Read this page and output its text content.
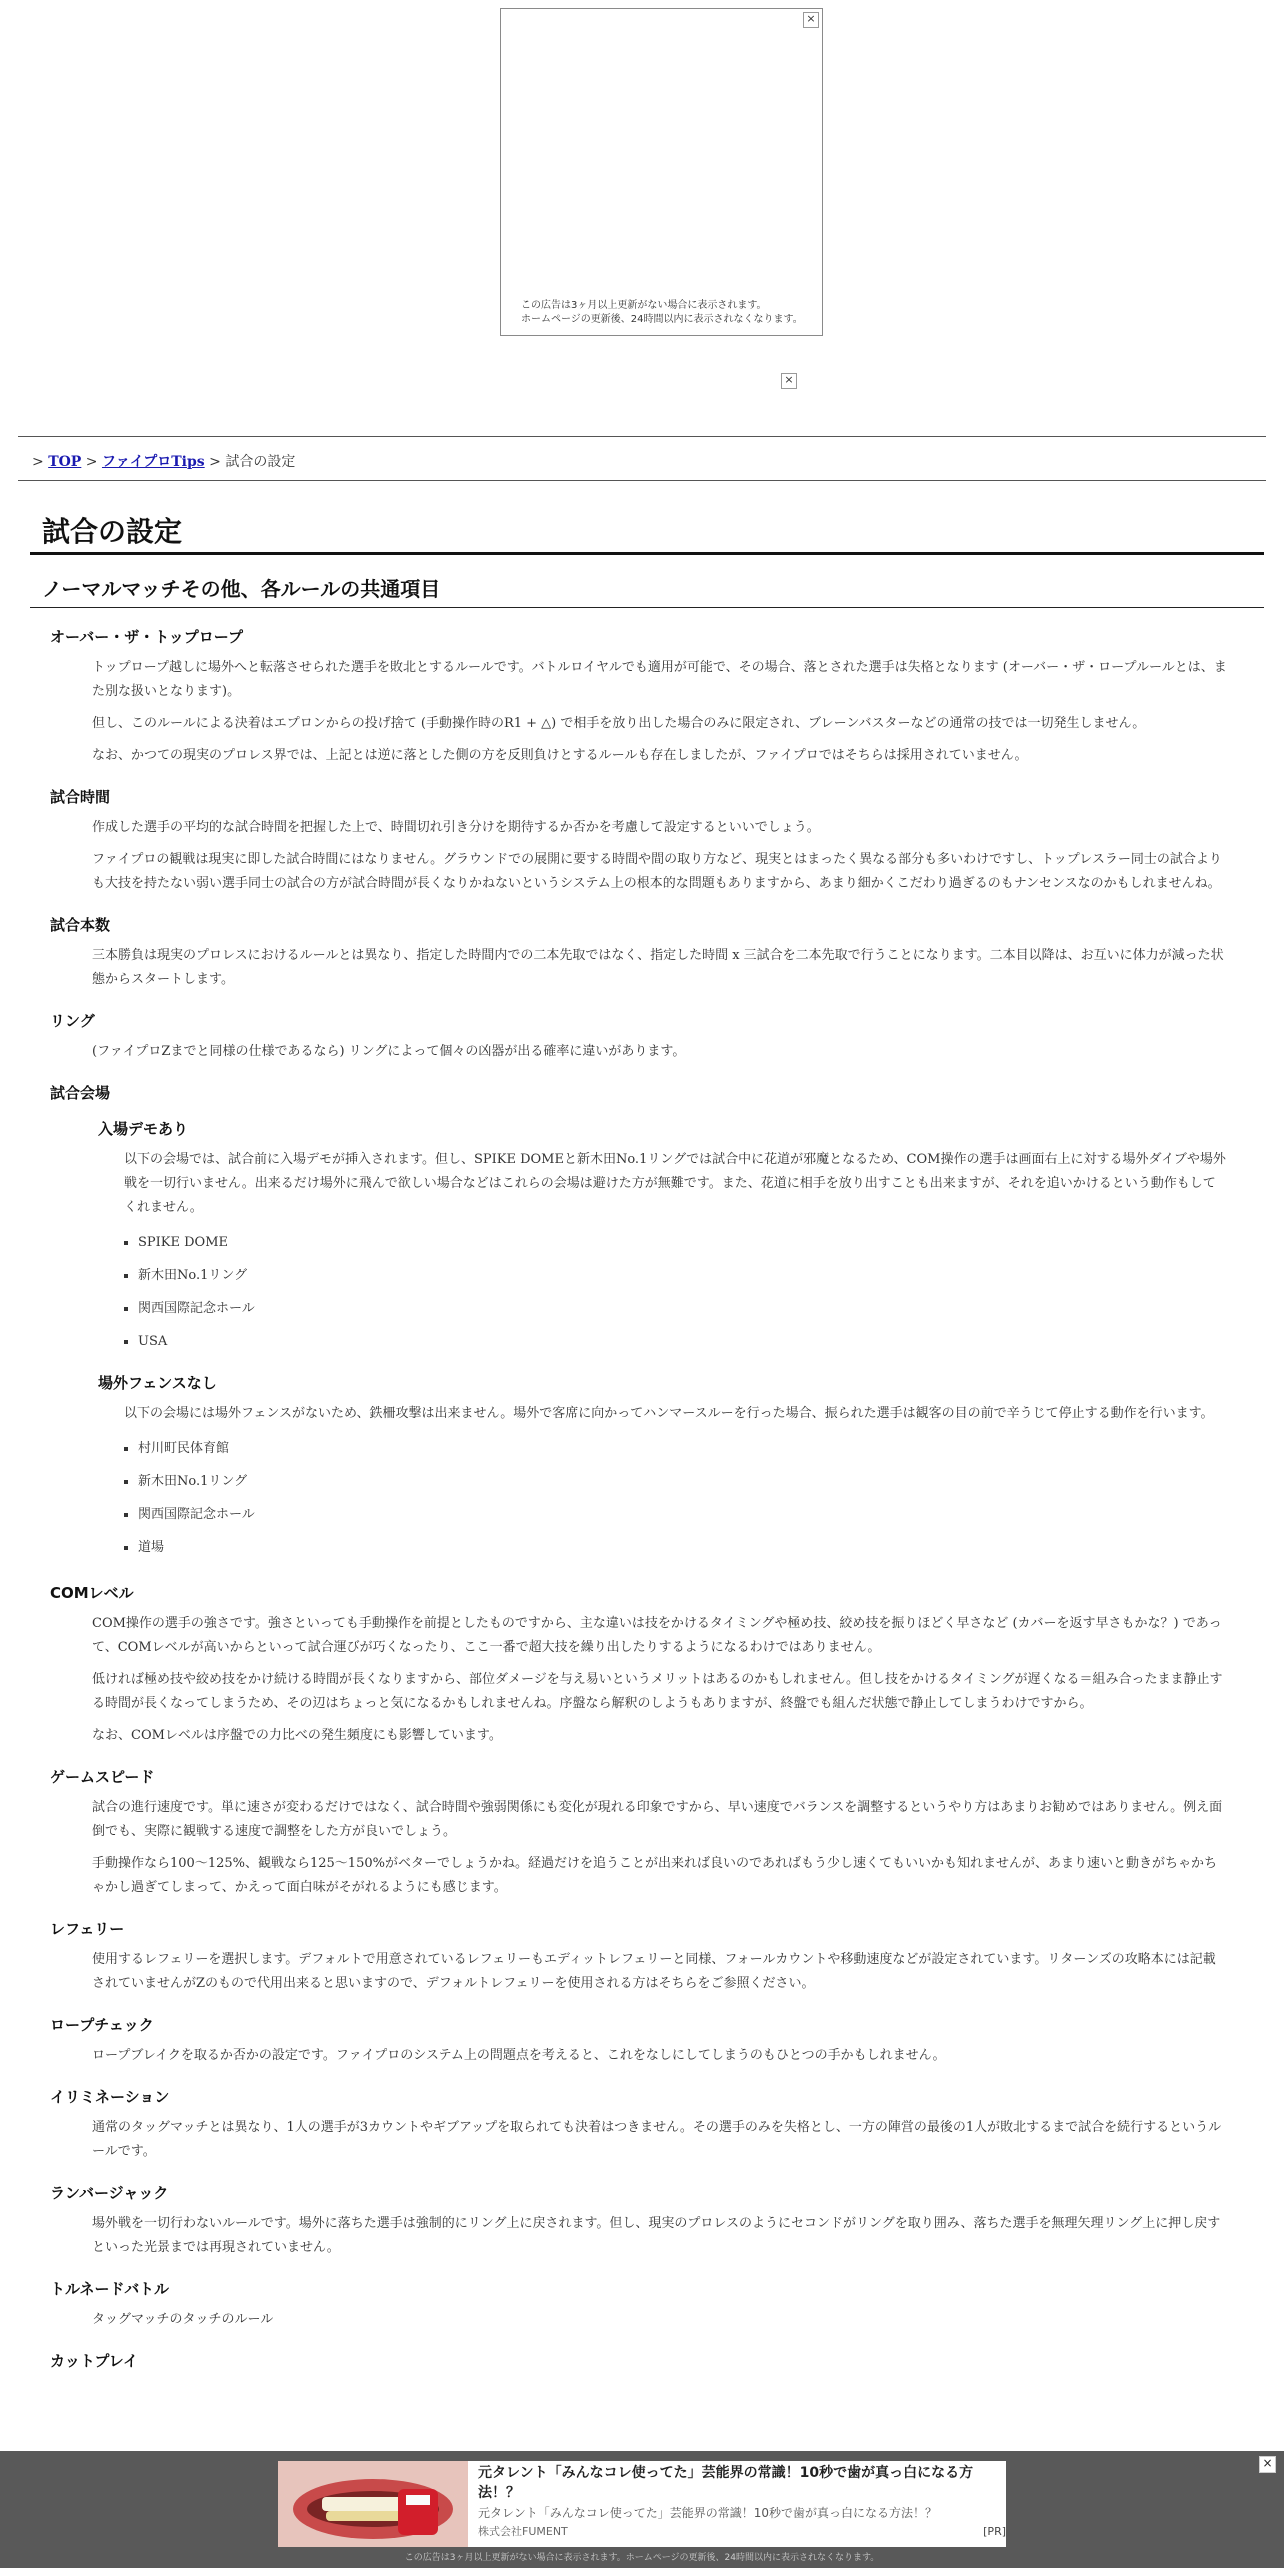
×
この広告は3ヶ月以上更新がない場合に表示されます。
ホームページの更新後、24時間以内に表示されなくなります。
×
> TOP > ファイプロTips > 試合の設定
試合の設定
ノーマルマッチその他、各ルールの共通項目
オーバー・ザ・トップロープ

トップロープ越しに場外へと転落させられた選手を敗北とするルールです。バトルロイヤルでも適用が可能で、その場合、落とされた選手は失格となります (オーバー・ザ・ロープルールとは、また別な扱いとなります)。

但し、このルールによる決着はエプロンからの投げ捨て (手動操作時のR1 + △) で相手を放り出した場合のみに限定され、ブレーンバスターなどの通常の技では一切発生しません。

なお、かつての現実のプロレス界では、上記とは逆に落とした側の方を反則負けとするルールも存在しましたが、ファイプロではそちらは採用されていません。

試合時間

作成した選手の平均的な試合時間を把握した上で、時間切れ引き分けを期待するか否かを考慮して設定するといいでしょう。

ファイプロの観戦は現実に即した試合時間にはなりません。グラウンドでの展開に要する時間や間の取り方など、現実とはまったく異なる部分も多いわけですし、トップレスラー同士の試合よりも大技を持たない弱い選手同士の試合の方が試合時間が長くなりかねないというシステム上の根本的な問題もありますから、あまり細かくこだわり過ぎるのもナンセンスなのかもしれませんね。

試合本数

三本勝負は現実のプロレスにおけるルールとは異なり、指定した時間内での二本先取ではなく、指定した時間 x 三試合を二本先取で行うことになります。二本目以降は、お互いに体力が減った状態からスタートします。

リング

(ファイプロZまでと同様の仕様であるなら) リングによって個々の凶器が出る確率に違いがあります。

試合会場
入場デモあり

以下の会場では、試合前に入場デモが挿入されます。但し、SPIKE DOMEと新木田No.1リングでは試合中に花道が邪魔となるため、COM操作の選手は画面右上に対する場外ダイブや場外戦を一切行いません。出来るだけ場外に飛んで欲しい場合などはこれらの会場は避けた方が無難です。また、花道に相手を放り出すことも出来ますが、それを追いかけるという動作もしてくれません。

▪ SPIKE DOME
▪ 新木田No.1リング
▪ 関西国際記念ホール
▪ USA
場外フェンスなし

以下の会場には場外フェンスがないため、鉄柵攻撃は出来ません。場外で客席に向かってハンマースルーを行った場合、振られた選手は観客の目の前で辛うじて停止する動作を行います。

▪ 村川町民体育館
▪ 新木田No.1リング
▪ 関西国際記念ホール
▪ 道場
COMレベル

COM操作の選手の強さです。強さといっても手動操作を前提としたものですから、主な違いは技をかけるタイミングや極め技、絞め技を振りほどく早さなど (カバーを返す早さもかな？) であって、COMレベルが高いからといって試合運びが巧くなったり、ここ一番で超大技を繰り出したりするようになるわけではありません。

低ければ極め技や絞め技をかけ続ける時間が長くなりますから、部位ダメージを与え易いというメリットはあるのかもしれません。但し技をかけるタイミングが遅くなる＝組み合ったまま静止する時間が長くなってしまうため、その辺はちょっと気になるかもしれませんね。序盤なら解釈のしようもありますが、終盤でも組んだ状態で静止してしまうわけですから。

なお、COMレベルは序盤での力比べの発生頻度にも影響しています。

ゲームスピード

試合の進行速度です。単に速さが変わるだけではなく、試合時間や強弱関係にも変化が現れる印象ですから、早い速度でバランスを調整するというやり方はあまりお勧めではありません。例え面倒でも、実際に観戦する速度で調整をした方が良いでしょう。

手動操作なら100～125%、観戦なら125～150%がベターでしょうかね。経過だけを追うことが出来れば良いのであればもう少し速くてもいいかも知れませんが、あまり速いと動きがちゃかちゃかし過ぎてしまって、かえって面白味がそがれるようにも感じます。

レフェリー

使用するレフェリーを選択します。デフォルトで用意されているレフェリーもエディットレフェリーと同様、フォールカウントや移動速度などが設定されています。リターンズの攻略本には記載されていませんがZのもので代用出来ると思いますので、デフォルトレフェリーを使用される方はそちらをご参照ください。

ロープチェック

ロープブレイクを取るか否かの設定です。ファイプロのシステム上の問題点を考えると、これをなしにしてしまうのもひとつの手かもしれません。

イリミネーション

通常のタッグマッチとは異なり、1人の選手が3カウントやギブアップを取られても決着はつきません。その選手のみを失格とし、一方の陣営の最後の1人が敗北するまで試合を続行するというルールです。

ランバージャック

場外戦を一切行わないルールです。場外に落ちた選手は強制的にリング上に戻されます。但し、現実のプロレスのようにセコンドがリングを取り囲み、落ちた選手を無理矢理リング上に押し戻すといった光景までは再現されていません。

トルネードバトル

タッグマッチのタッチのルール

カットプレイ
×
元タレント「みんなコレ使ってた」芸能界の常識！10秒で歯が真っ白になる方法！？
元タレント「みんなコレ使ってた」芸能界の常識！10秒で歯が真っ白になる方法！？
株式会社FUMENT	[PR]
この広告は3ヶ月以上更新がない場合に表示されます。ホームページの更新後、24時間以内に表示されなくなります。
